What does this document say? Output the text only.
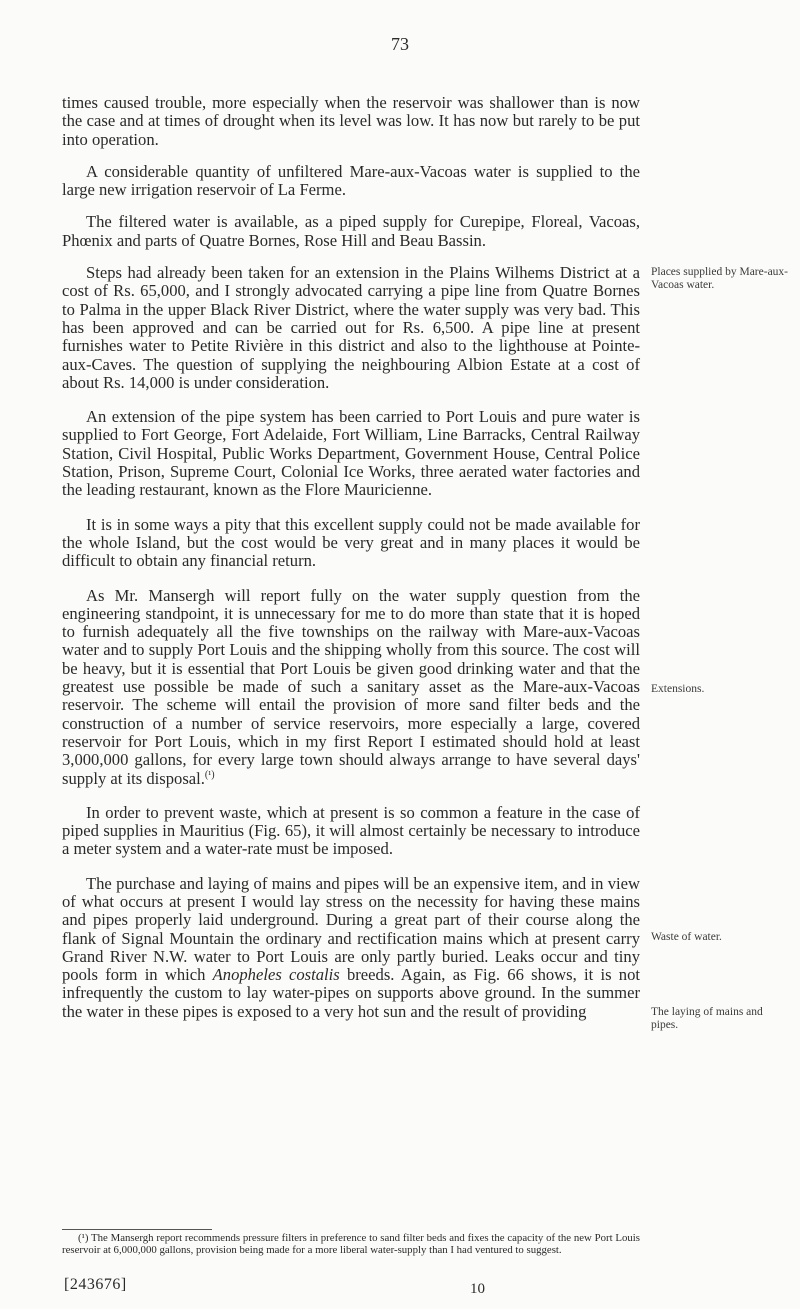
73

times caused trouble, more especially when the reservoir was shallower than is now the case and at times of drought when its level was low. It has now but rarely to be put into operation.

A considerable quantity of unfiltered Mare-aux-Vacoas water is supplied to the large new irrigation reservoir of La Ferme.

The filtered water is available, as a piped supply for Curepipe, Floreal, Vacoas, Phœnix and parts of Quatre Bornes, Rose Hill and Beau Bassin.

Steps had already been taken for an extension in the Plains Wilhems District at a cost of Rs. 65,000, and I strongly advocated carrying a pipe line from Quatre Bornes to Palma in the upper Black River District, where the water supply was very bad. This has been approved and can be carried out for Rs. 6,500. A pipe line at present furnishes water to Petite Rivière in this district and also to the lighthouse at Pointe-aux-Caves. The question of supplying the neighbouring Albion Estate at a cost of about Rs. 14,000 is under consideration.

An extension of the pipe system has been carried to Port Louis and pure water is supplied to Fort George, Fort Adelaide, Fort William, Line Barracks, Central Railway Station, Civil Hospital, Public Works Department, Government House, Central Police Station, Prison, Supreme Court, Colonial Ice Works, three aerated water factories and the leading restaurant, known as the Flore Mauricienne.

It is in some ways a pity that this excellent supply could not be made available for the whole Island, but the cost would be very great and in many places it would be difficult to obtain any financial return.

As Mr. Mansergh will report fully on the water supply question from the engineering standpoint, it is unnecessary for me to do more than state that it is hoped to furnish adequately all the five townships on the railway with Mare-aux-Vacoas water and to supply Port Louis and the shipping wholly from this source. The cost will be heavy, but it is essential that Port Louis be given good drinking water and that the greatest use possible be made of such a sanitary asset as the Mare-aux-Vacoas reservoir. The scheme will entail the provision of more sand filter beds and the construction of a number of service reservoirs, more especially a large, covered reservoir for Port Louis, which in my first Report I estimated should hold at least 3,000,000 gallons, for every large town should always arrange to have several days' supply at its disposal.$^{(^1)}$

In order to prevent waste, which at present is so common a feature in the case of piped supplies in Mauritius (Fig. 65), it will almost certainly be necessary to introduce a meter system and a water-rate must be imposed.

The purchase and laying of mains and pipes will be an expensive item, and in view of what occurs at present I would lay stress on the necessity for having these mains and pipes properly laid underground. During a great part of their course along the flank of Signal Mountain the ordinary and rectification mains which at present carry Grand River N.W. water to Port Louis are only partly buried. Leaks occur and tiny pools form in which Anopheles costalis breeds. Again, as Fig. 66 shows, it is not infrequently the custom to lay water-pipes on supports above ground. In the summer the water in these pipes is exposed to a very hot sun and the result of providing

Places supplied by Mare-aux-Vacoas water.
Extensions.
Waste of water.
The laying of mains and pipes.
(¹) The Mansergh report recommends pressure filters in preference to sand filter beds and fixes the capacity of the new Port Louis reservoir at 6,000,000 gallons, provision being made for a more liberal water-supply than I had ventured to suggest.
[243676]	10
